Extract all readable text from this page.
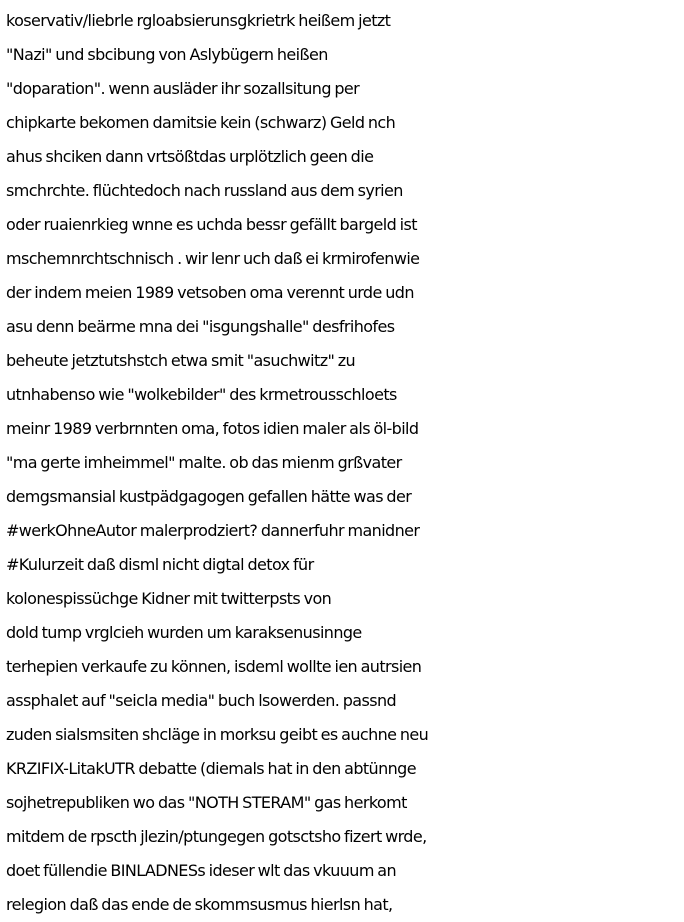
koservativ/liebrle rgloabsierunsgkrietrk heißem jetzt
"Nazi" und sbcibung von Aslybügern heißen
"doparation". wenn ausläder ihr sozallsitung per
chipkarte bekomen damitsie kein (schwarz) Geld nch
ahus shciken dann vrtsößtdas urplötzlich geen die
smchrchte. flüchtedoch nach russland aus dem syrien
oder ruaienrkieg wnne es uchda bessr gefällt bargeld ist
mschemnrchtschnisch . wir lenr uch daß ei krmirofenwie
der indem meien 1989 vetsoben oma verennt urde udn
asu denn beärme mna dei "isgungshalle" desfrihofes
beheute jetztutshstch etwa smit "asuchwitz" zu
utnhabenso wie "wolkebilder" des krmetrousschloets
meinr 1989 verbrnnten oma, fotos idien maler als öl-bild
"ma gerte imheimmel" malte. ob das mienm grßvater
demgsmansial kustpädgagogen gefallen hätte was der
#werkOhneAutor malerprodziert? dannerfuhr manidner
#Kulurzeit daß disml nicht digtal detox für
kolonespissüchge Kidner mit twitterpsts von
dold tump vrglcieh wurden um karaksenusinnge
terhepien verkaufe zu können, isdeml wollte ien autrsien
assphalet auf "seicla media" buch lsowerden. passnd
zuden sialsmsiten shcläge in morksu geibt es auchne neu
KRZIFIX-LitakUTR debatte (diemals hat in den abtünnge
sojhetrepubliken wo das "NOTH STERAM" gas herkomt
mitdem de rpscth jlezin/ptungegen gotsctsho fizert wrde,
doet füllendie BINLADNESs ideser wlt das vkuuum an
relegion daß das ende de skommsusmus hierlsn hat,
